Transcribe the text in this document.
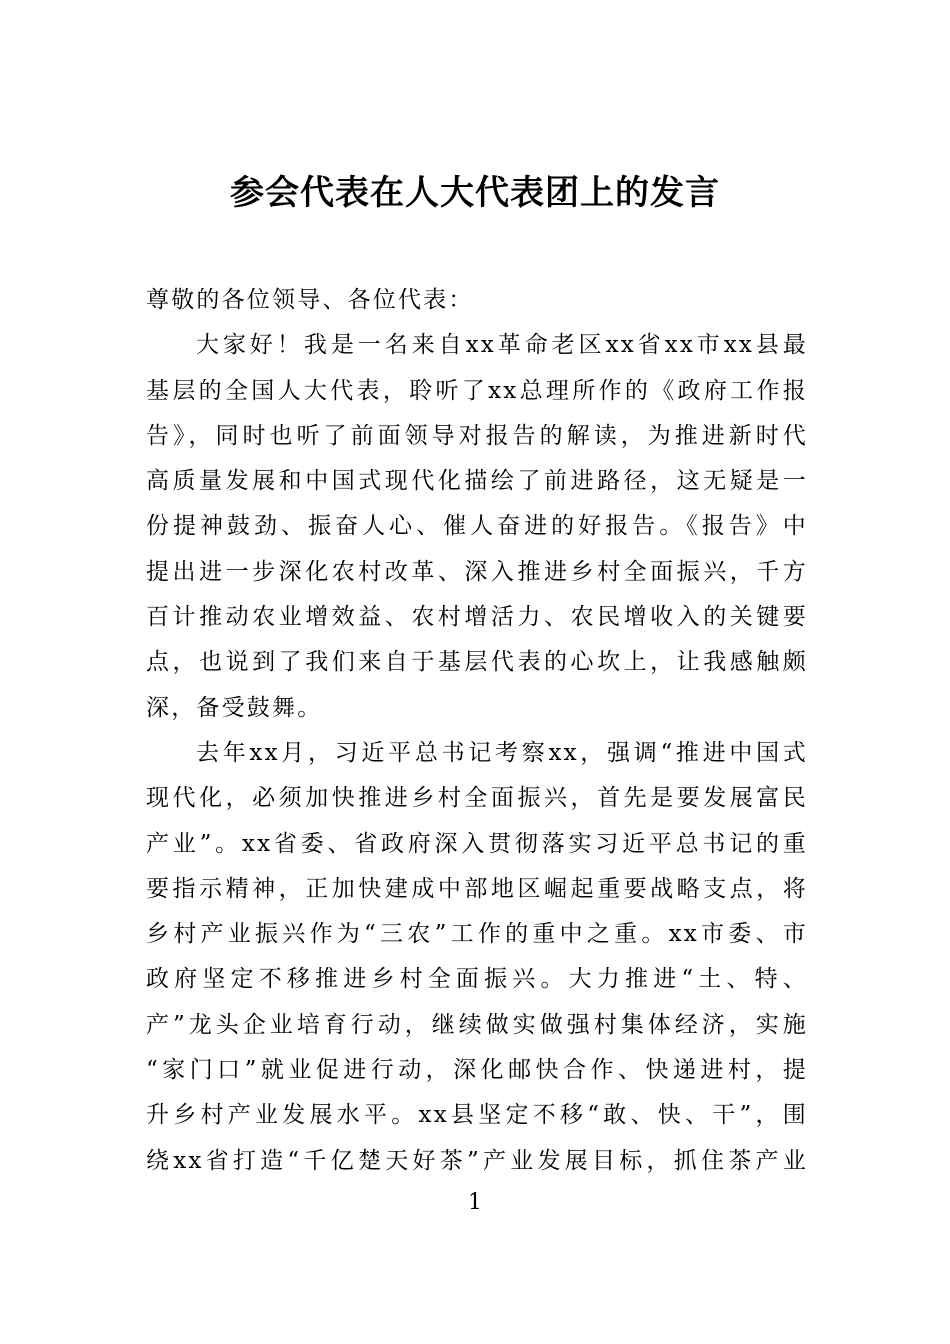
参会代表在人大代表团上的发言
尊敬的各位领导、各位代表：
大家好！我是一名来自xx革命老区xx省xx市xx县最
基层的全国人大代表，聆听了xx总理所作的《政府工作报
告》，同时也听了前面领导对报告的解读，为推进新时代
高质量发展和中国式现代化描绘了前进路径，这无疑是一
份提神鼓劲、振奋人心、催人奋进的好报告。《报告》中
提出进一步深化农村改革、深入推进乡村全面振兴，千方
百计推动农业增效益、农村增活力、农民增收入的关键要
点，也说到了我们来自于基层代表的心坎上，让我感触颇
深，备受鼓舞。
去年xx月，习近平总书记考察xx，强调“推进中国式
现代化，必须加快推进乡村全面振兴，首先是要发展富民
产业”。xx省委、省政府深入贯彻落实习近平总书记的重
要指示精神，正加快建成中部地区崛起重要战略支点，将
乡村产业振兴作为“三农”工作的重中之重。xx市委、市
政府坚定不移推进乡村全面振兴。大力推进“土、特、
产”龙头企业培育行动，继续做实做强村集体经济，实施
“家门口”就业促进行动，深化邮快合作、快递进村，提
升乡村产业发展水平。xx县坚定不移“敢、快、干”，围
绕xx省打造“千亿楚天好茶”产业发展目标，抓住茶产业
1
